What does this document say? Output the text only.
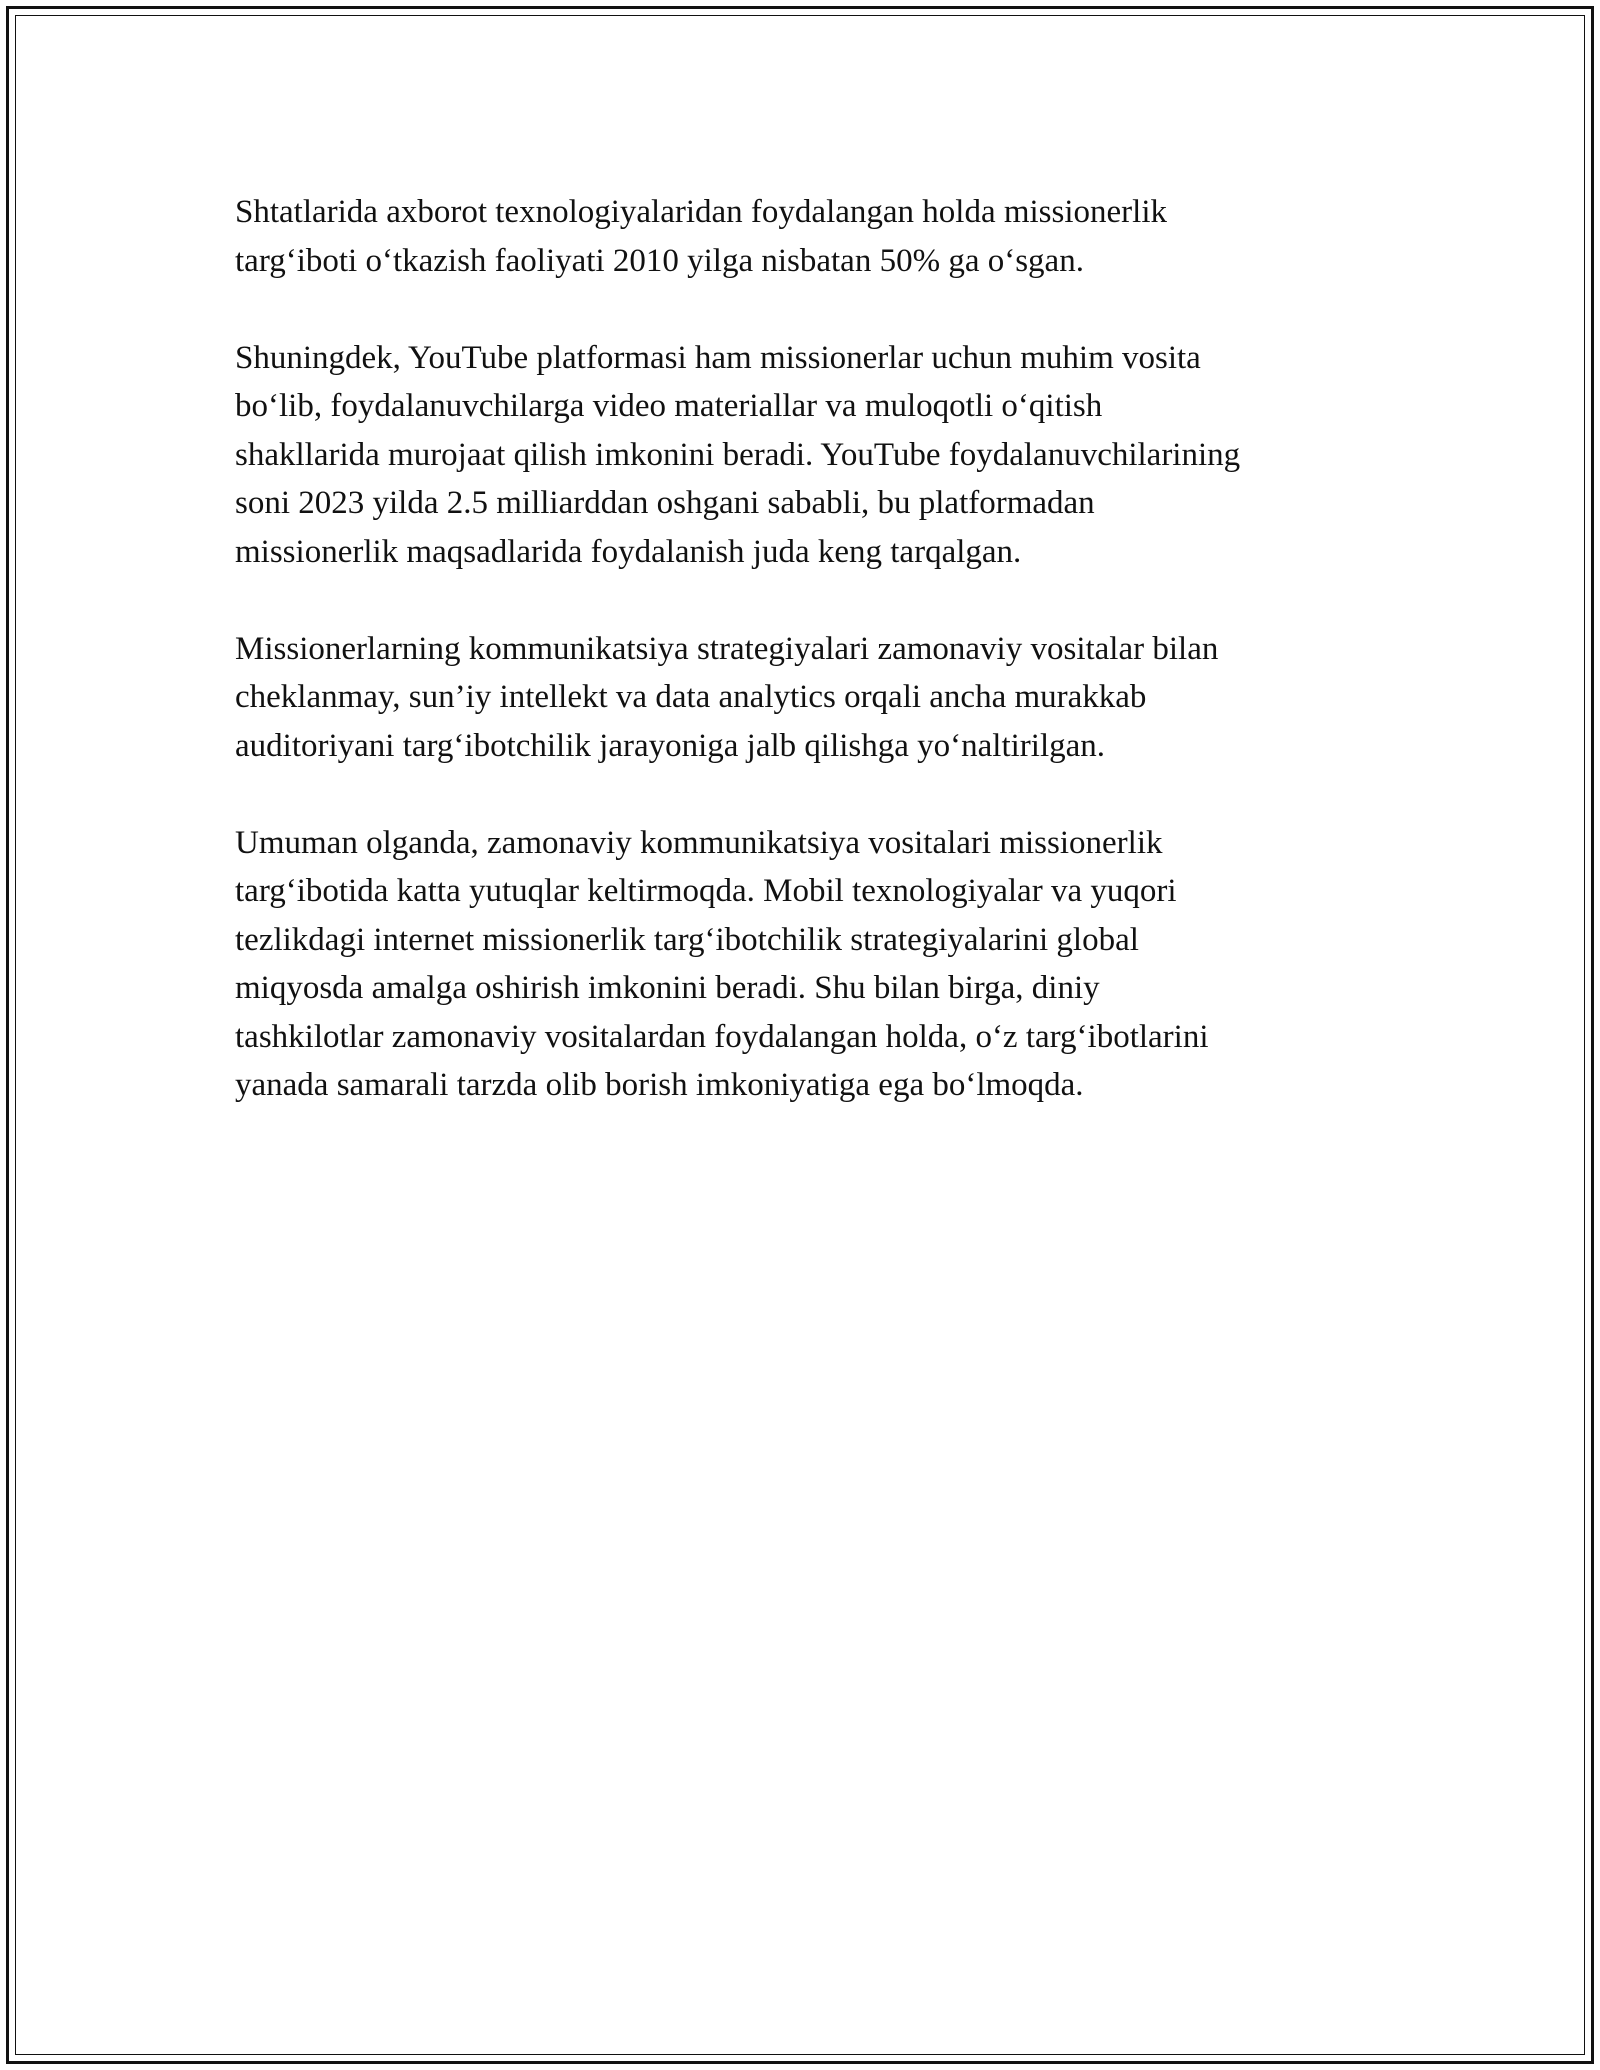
Shtatlarida axborot texnologiyalaridan foydalangan holda missionerlik
targ‘iboti o‘tkazish faoliyati 2010 yilga nisbatan 50% ga o‘sgan.

Shuningdek, YouTube platformasi ham missionerlar uchun muhim vosita
bo‘lib, foydalanuvchilarga video materiallar va muloqotli o‘qitish
shakllarida murojaat qilish imkonini beradi. YouTube foydalanuvchilarining
soni 2023 yilda 2.5 milliarddan oshgani sababli, bu platformadan
missionerlik maqsadlarida foydalanish juda keng tarqalgan.

Missionerlarning kommunikatsiya strategiyalari zamonaviy vositalar bilan
cheklanmay, sun’iy intellekt va data analytics orqali ancha murakkab
auditoriyani targ‘ibotchilik jarayoniga jalb qilishga yo‘naltirilgan.

Umuman olganda, zamonaviy kommunikatsiya vositalari missionerlik
targ‘ibotida katta yutuqlar keltirmoqda. Mobil texnologiyalar va yuqori
tezlikdagi internet missionerlik targ‘ibotchilik strategiyalarini global
miqyosda amalga oshirish imkonini beradi. Shu bilan birga, diniy
tashkilotlar zamonaviy vositalardan foydalangan holda, o‘z targ‘ibotlarini
yanada samarali tarzda olib borish imkoniyatiga ega bo‘lmoqda.
